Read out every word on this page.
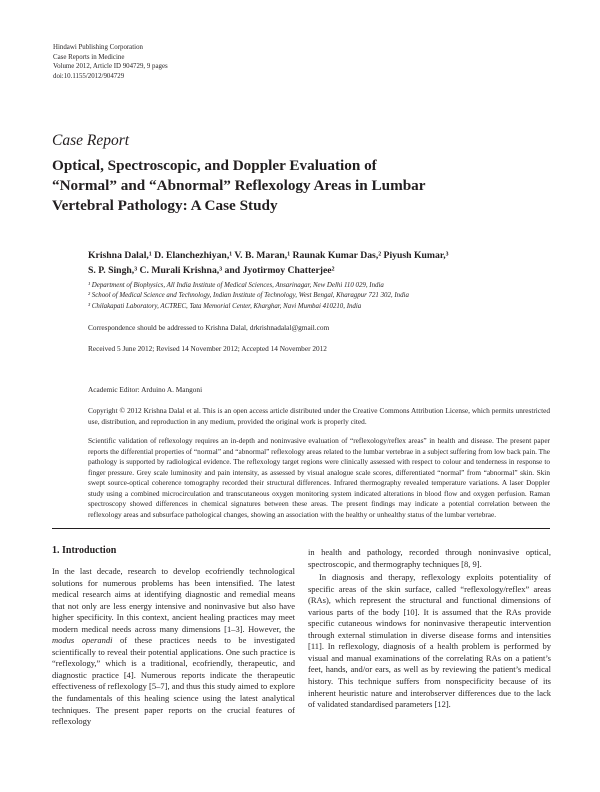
Hindawi Publishing Corporation
Case Reports in Medicine
Volume 2012, Article ID 904729, 9 pages
doi:10.1155/2012/904729
Case Report
Optical, Spectroscopic, and Doppler Evaluation of
“Normal” and “Abnormal” Reflexology Areas in Lumbar
Vertebral Pathology: A Case Study
Krishna Dalal,¹ D. Elanchezhiyan,¹ V. B. Maran,¹ Raunak Kumar Das,² Piyush Kumar,³
S. P. Singh,³ C. Murali Krishna,³ and Jyotirmoy Chatterjee²
¹ Department of Biophysics, All India Institute of Medical Sciences, Ansarinagar, New Delhi 110 029, India
² School of Medical Science and Technology, Indian Institute of Technology, West Bengal, Kharagpur 721 302, India
³ Chilakapati Laboratory, ACTREC, Tata Memorial Center, Kharghar, Navi Mumbai 410210, India
Correspondence should be addressed to Krishna Dalal, drkrishnadalal@gmail.com
Received 5 June 2012; Revised 14 November 2012; Accepted 14 November 2012
Academic Editor: Arduino A. Mangoni
Copyright © 2012 Krishna Dalal et al. This is an open access article distributed under the Creative Commons Attribution License, which permits unrestricted use, distribution, and reproduction in any medium, provided the original work is properly cited.
Scientific validation of reflexology requires an in-depth and noninvasive evaluation of “reflexology/reflex areas” in health and disease. The present paper reports the differential properties of “normal” and “abnormal” reflexology areas related to the lumbar vertebrae in a subject suffering from low back pain. The pathology is supported by radiological evidence. The reflexology target regions were clinically assessed with respect to colour and tenderness in response to finger pressure. Grey scale luminosity and pain intensity, as assessed by visual analogue scale scores, differentiated “normal” from “abnormal” skin. Skin swept source-optical coherence tomography recorded their structural differences. Infrared thermography revealed temperature variations. A laser Doppler study using a combined microcirculation and transcutaneous oxygen monitoring system indicated alterations in blood flow and oxygen perfusion. Raman spectroscopy showed differences in chemical signatures between these areas. The present findings may indicate a potential correlation between the reflexology areas and subsurface pathological changes, showing an association with the healthy or unhealthy status of the lumbar vertebrae.
1. Introduction

In the last decade, research to develop ecofriendly technological solutions for numerous problems has been intensified. The latest medical research aims at identifying diagnostic and remedial means that not only are less energy intensive and noninvasive but also have higher specificity. In this context, ancient healing practices may meet modern medical needs across many dimensions [1–3]. However, the modus operandi of these practices needs to be investigated scientifically to reveal their potential applications. One such practice is “reflexology,” which is a traditional, ecofriendly, therapeutic, and diagnostic practice [4]. Numerous reports indicate the therapeutic effectiveness of reflexology [5–7], and thus this study aimed to explore the fundamentals of this healing science using the latest analytical techniques. The present paper reports on the crucial features of reflexology

in health and pathology, recorded through noninvasive optical, spectroscopic, and thermography techniques [8, 9].

In diagnosis and therapy, reflexology exploits potentiality of specific areas of the skin surface, called “reflexology/reflex” areas (RAs), which represent the structural and functional dimensions of various parts of the body [10]. It is assumed that the RAs provide specific cutaneous windows for noninvasive therapeutic intervention through external stimulation in diverse disease forms and intensities [11]. In reflexology, diagnosis of a health problem is performed by visual and manual examinations of the correlating RAs on a patient’s feet, hands, and/or ears, as well as by reviewing the patient’s medical history. This technique suffers from nonspecificity because of its inherent heuristic nature and interobserver differences due to the lack of validated standardised parameters [12].
